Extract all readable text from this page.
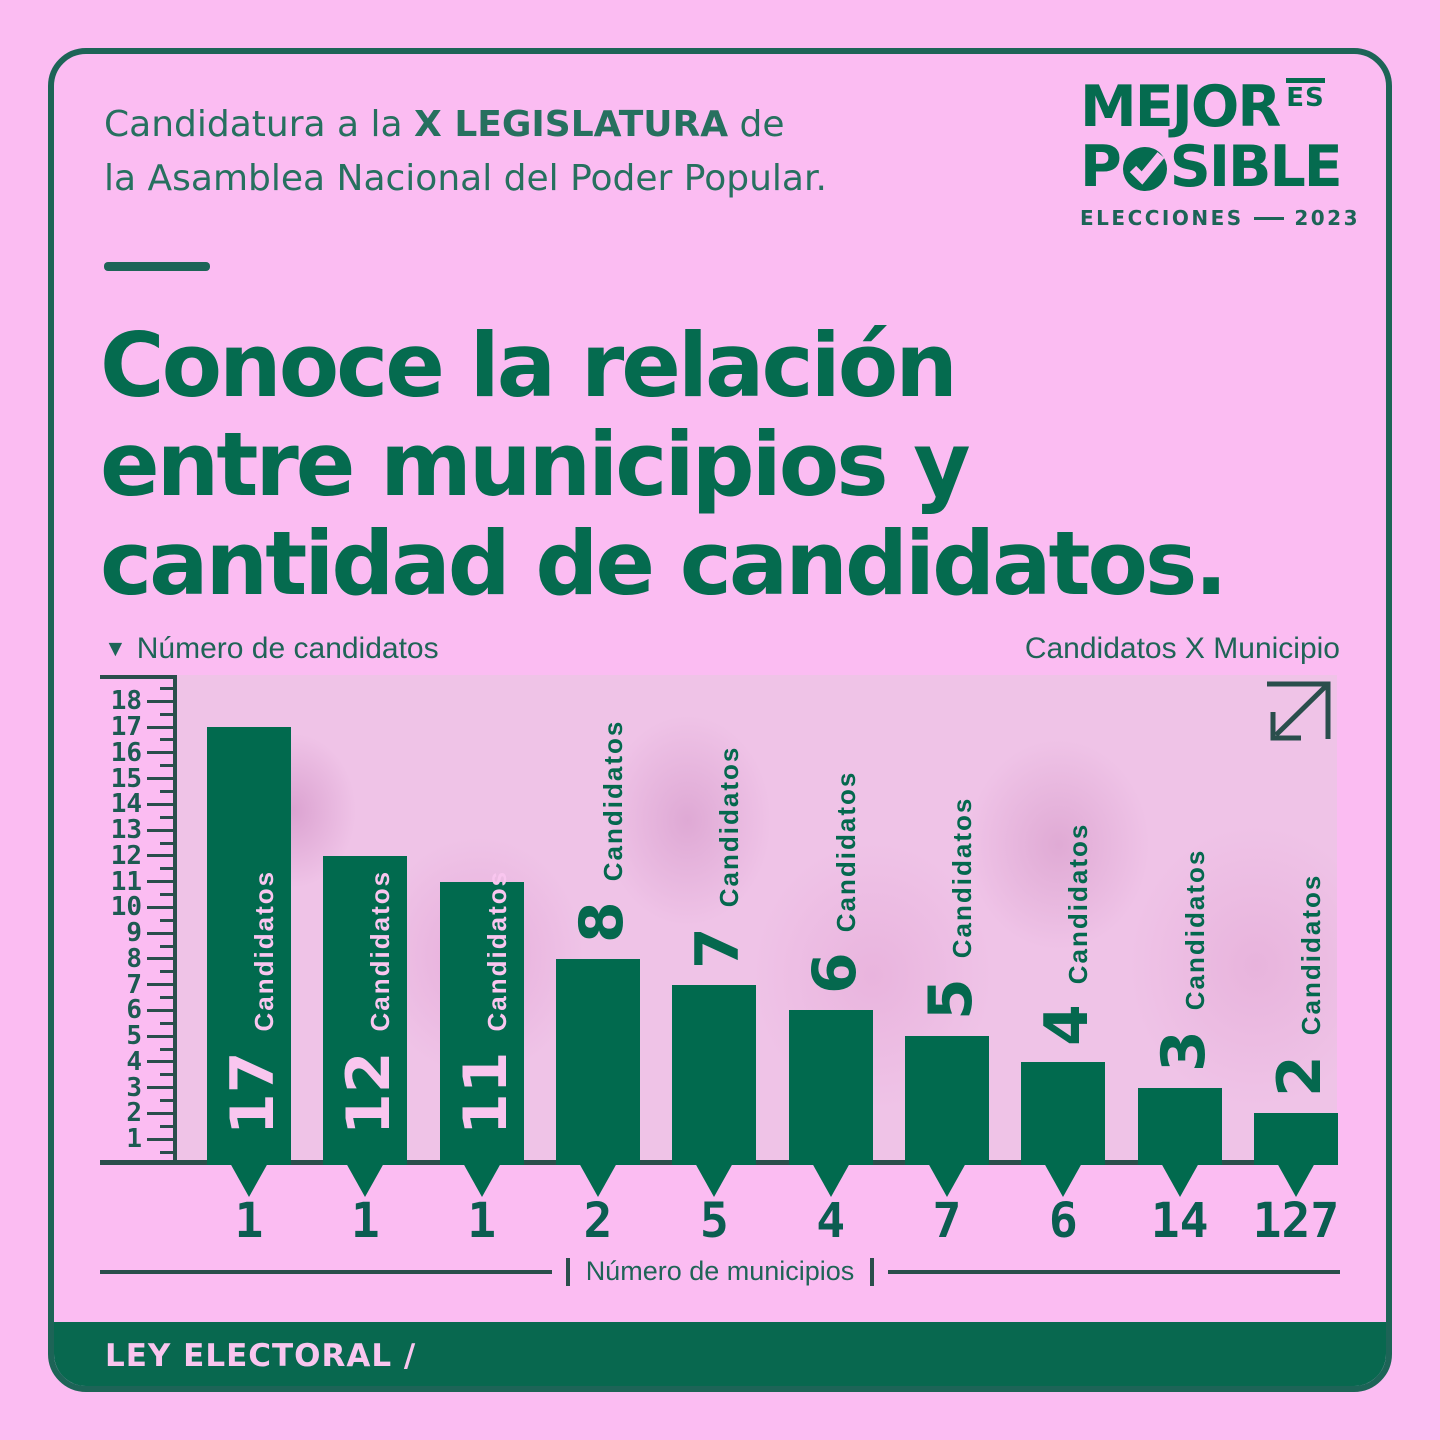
Candidatura a la X LEGISLATURA de
la Asamblea Nacional del Poder Popular.
MEJOR ES
P SIBLE
ELECCIONES	2023
Conoce la relación
entre municipios y
cantidad de candidatos.
▼ Número de candidatos	Candidatos X Municipio
1
2
3
4
5
6
7
8
9
10
11
12
13
14
15
16
17
18
17Candidatos
12Candidatos
11Candidatos 8Candidatos
7Candidatos
6Candidatos
5Candidatos
4Candidatos
3Candidatos
2Candidatos
1	1	1	2	5	4	7	6	14 127
Número de municipios
LEY ELECTORAL /
